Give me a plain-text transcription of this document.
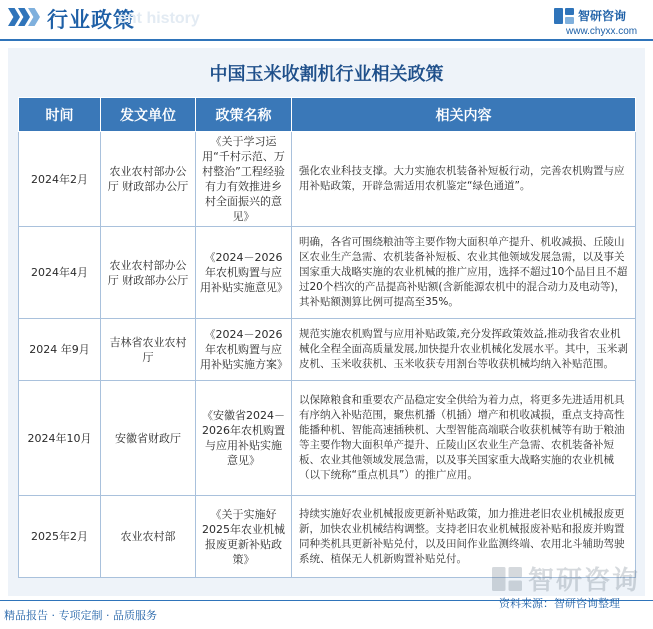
行业政策
ent history	智研咨询
www.chyxx.com
中国玉米收割机行业相关政策
时间	发文单位	政策名称	相关内容
2024年2月	农业农村部办公厅 财政部办公厅	《关于学习运用“千村示范、万村整治”工程经验有力有效推进乡村全面振兴的意见》	强化农业科技支撑。大力实施农机装备补短板行动，完善农机购置与应用补贴政策，开辟急需适用农机鉴定“绿色通道”。
2024年4月	农业农村部办公厅 财政部办公厅	《2024－2026年农机购置与应用补贴实施意见》	明确，各省可围绕粮油等主要作物大面积单产提升、机收减损、丘陵山区农业生产急需、农机装备补短板、农业其他领域发展急需，以及事关国家重大战略实施的农业机械的推广应用，选择不超过10个品目且不超过20个档次的产品提高补贴额(含新能源农机中的混合动力及电动等)，其补贴额测算比例可提高至35%。
2024 年9月	吉林省农业农村厅	《2024－2026年农机购置与应用补贴实施方案》	规范实施农机购置与应用补贴政策,充分发挥政策效益,推动我省农业机械化全程全面高质量发展,加快提升农业机械化发展水平。其中，玉米剥皮机、玉米收获机、玉米收获专用割台等收获机械均纳入补贴范围。
2024年10月	安徽省财政厅	《安徽省2024－2026年农机购置与应用补贴实施意见》	以保障粮食和重要农产品稳定安全供给为着力点，将更多先进适用机具有序纳入补贴范围，聚焦机播（机插）增产和机收减损，重点支持高性能播种机、智能高速插秧机、大型智能高端联合收获机械等有助于粮油等主要作物大面积单产提升、丘陵山区农业生产急需、农机装备补短板、农业其他领域发展急需，以及事关国家重大战略实施的农业机械（以下统称“重点机具”）的推广应用。
2025年2月	农业农村部	《关于实施好2025年农业机械报废更新补贴政策》	持续实施好农业机械报废更新补贴政策，加力推进老旧农业机械报废更新，加快农业机械结构调整。支持老旧农业机械报废补贴和报废并购置同种类机具更新补贴兑付，以及田间作业监测终端、农用北斗辅助驾驶系统、植保无人机新购置补贴兑付。
智研咨询
精品报告 · 专项定制 · 品质服务
资料来源：智研咨询整理
